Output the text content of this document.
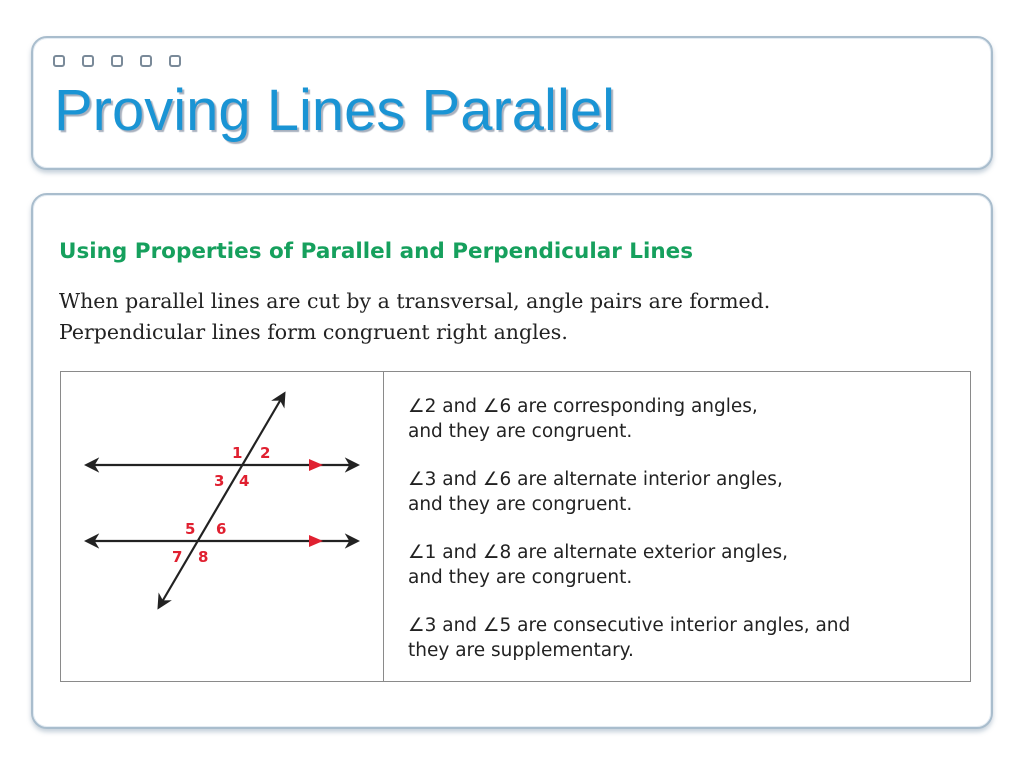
Proving Lines Parallel
Using Properties of Parallel and Perpendicular Lines

When parallel lines are cut by a transversal, angle pairs are formed.
Perpendicular lines form congruent right angles.

1 2
3 4
5 6
7 8
∠2 and ∠6 are corresponding angles,
and they are congruent.
∠3 and ∠6 are alternate interior angles,
and they are congruent.
∠1 and ∠8 are alternate exterior angles,
and they are congruent.
∠3 and ∠5 are consecutive interior angles, and
they are supplementary.
